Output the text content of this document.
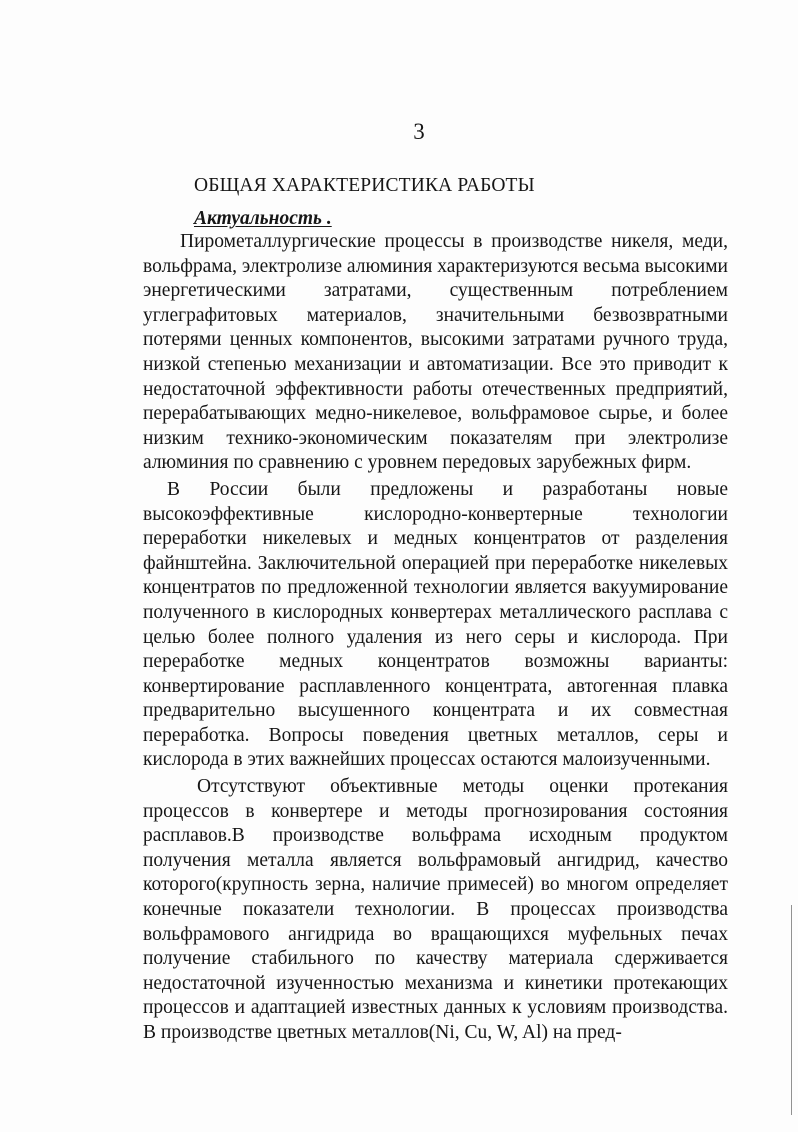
3
ОБЩАЯ ХАРАКТЕРИСТИКА РАБОТЫ
Актуальность .

Пирометаллургические процессы в производстве никеля, меди, вольфрама, электролизе алюминия характеризуются весьма высокими энергетическими затратами, существенным потреблением углеграфитовых материалов, значительными безвозвратными потерями ценных компонентов, высокими затратами ручного труда, низкой степенью механизации и автоматизации. Все это приводит к недостаточной эффективности работы отечественных предприятий, перерабатывающих медно-никелевое, вольфрамовое сырье, и более низким технико-экономическим показателям при электролизе алюминия по сравнению с уровнем передовых зарубежных фирм.

В России были предложены и разработаны новые высокоэффективные кислородно-конвертерные технологии переработки никелевых и медных концентратов от разделения файнштейна. Заключительной операцией при переработке никелевых концентратов по предложенной технологии является вакуумирование полученного в кислородных конвертерах металлического расплава с целью более полного удаления из него серы и кислорода. При переработке медных концентратов возможны варианты: конвертирование расплавленного концентрата, автогенная плавка предварительно высушенного концентрата и их совместная переработка. Вопросы поведения цветных металлов, серы и кислорода в этих важнейших процессах остаются малоизученными.

Отсутствуют объективные методы оценки протекания процессов в конвертере и методы прогнозирования состояния расплавов.В производстве вольфрама исходным продуктом получения металла является вольфрамовый ангидрид, качество которого(крупность зерна, наличие примесей) во многом определяет конечные показатели технологии. В процессах производства вольфрамового ангидрида во вращающихся муфельных печах получение стабильного по качеству материала сдерживается недостаточной изученностью механизма и кинетики протекающих процессов и адаптацией известных данных к условиям производства. В производстве цветных металлов(Ni, Cu, W, Al) на пред-
